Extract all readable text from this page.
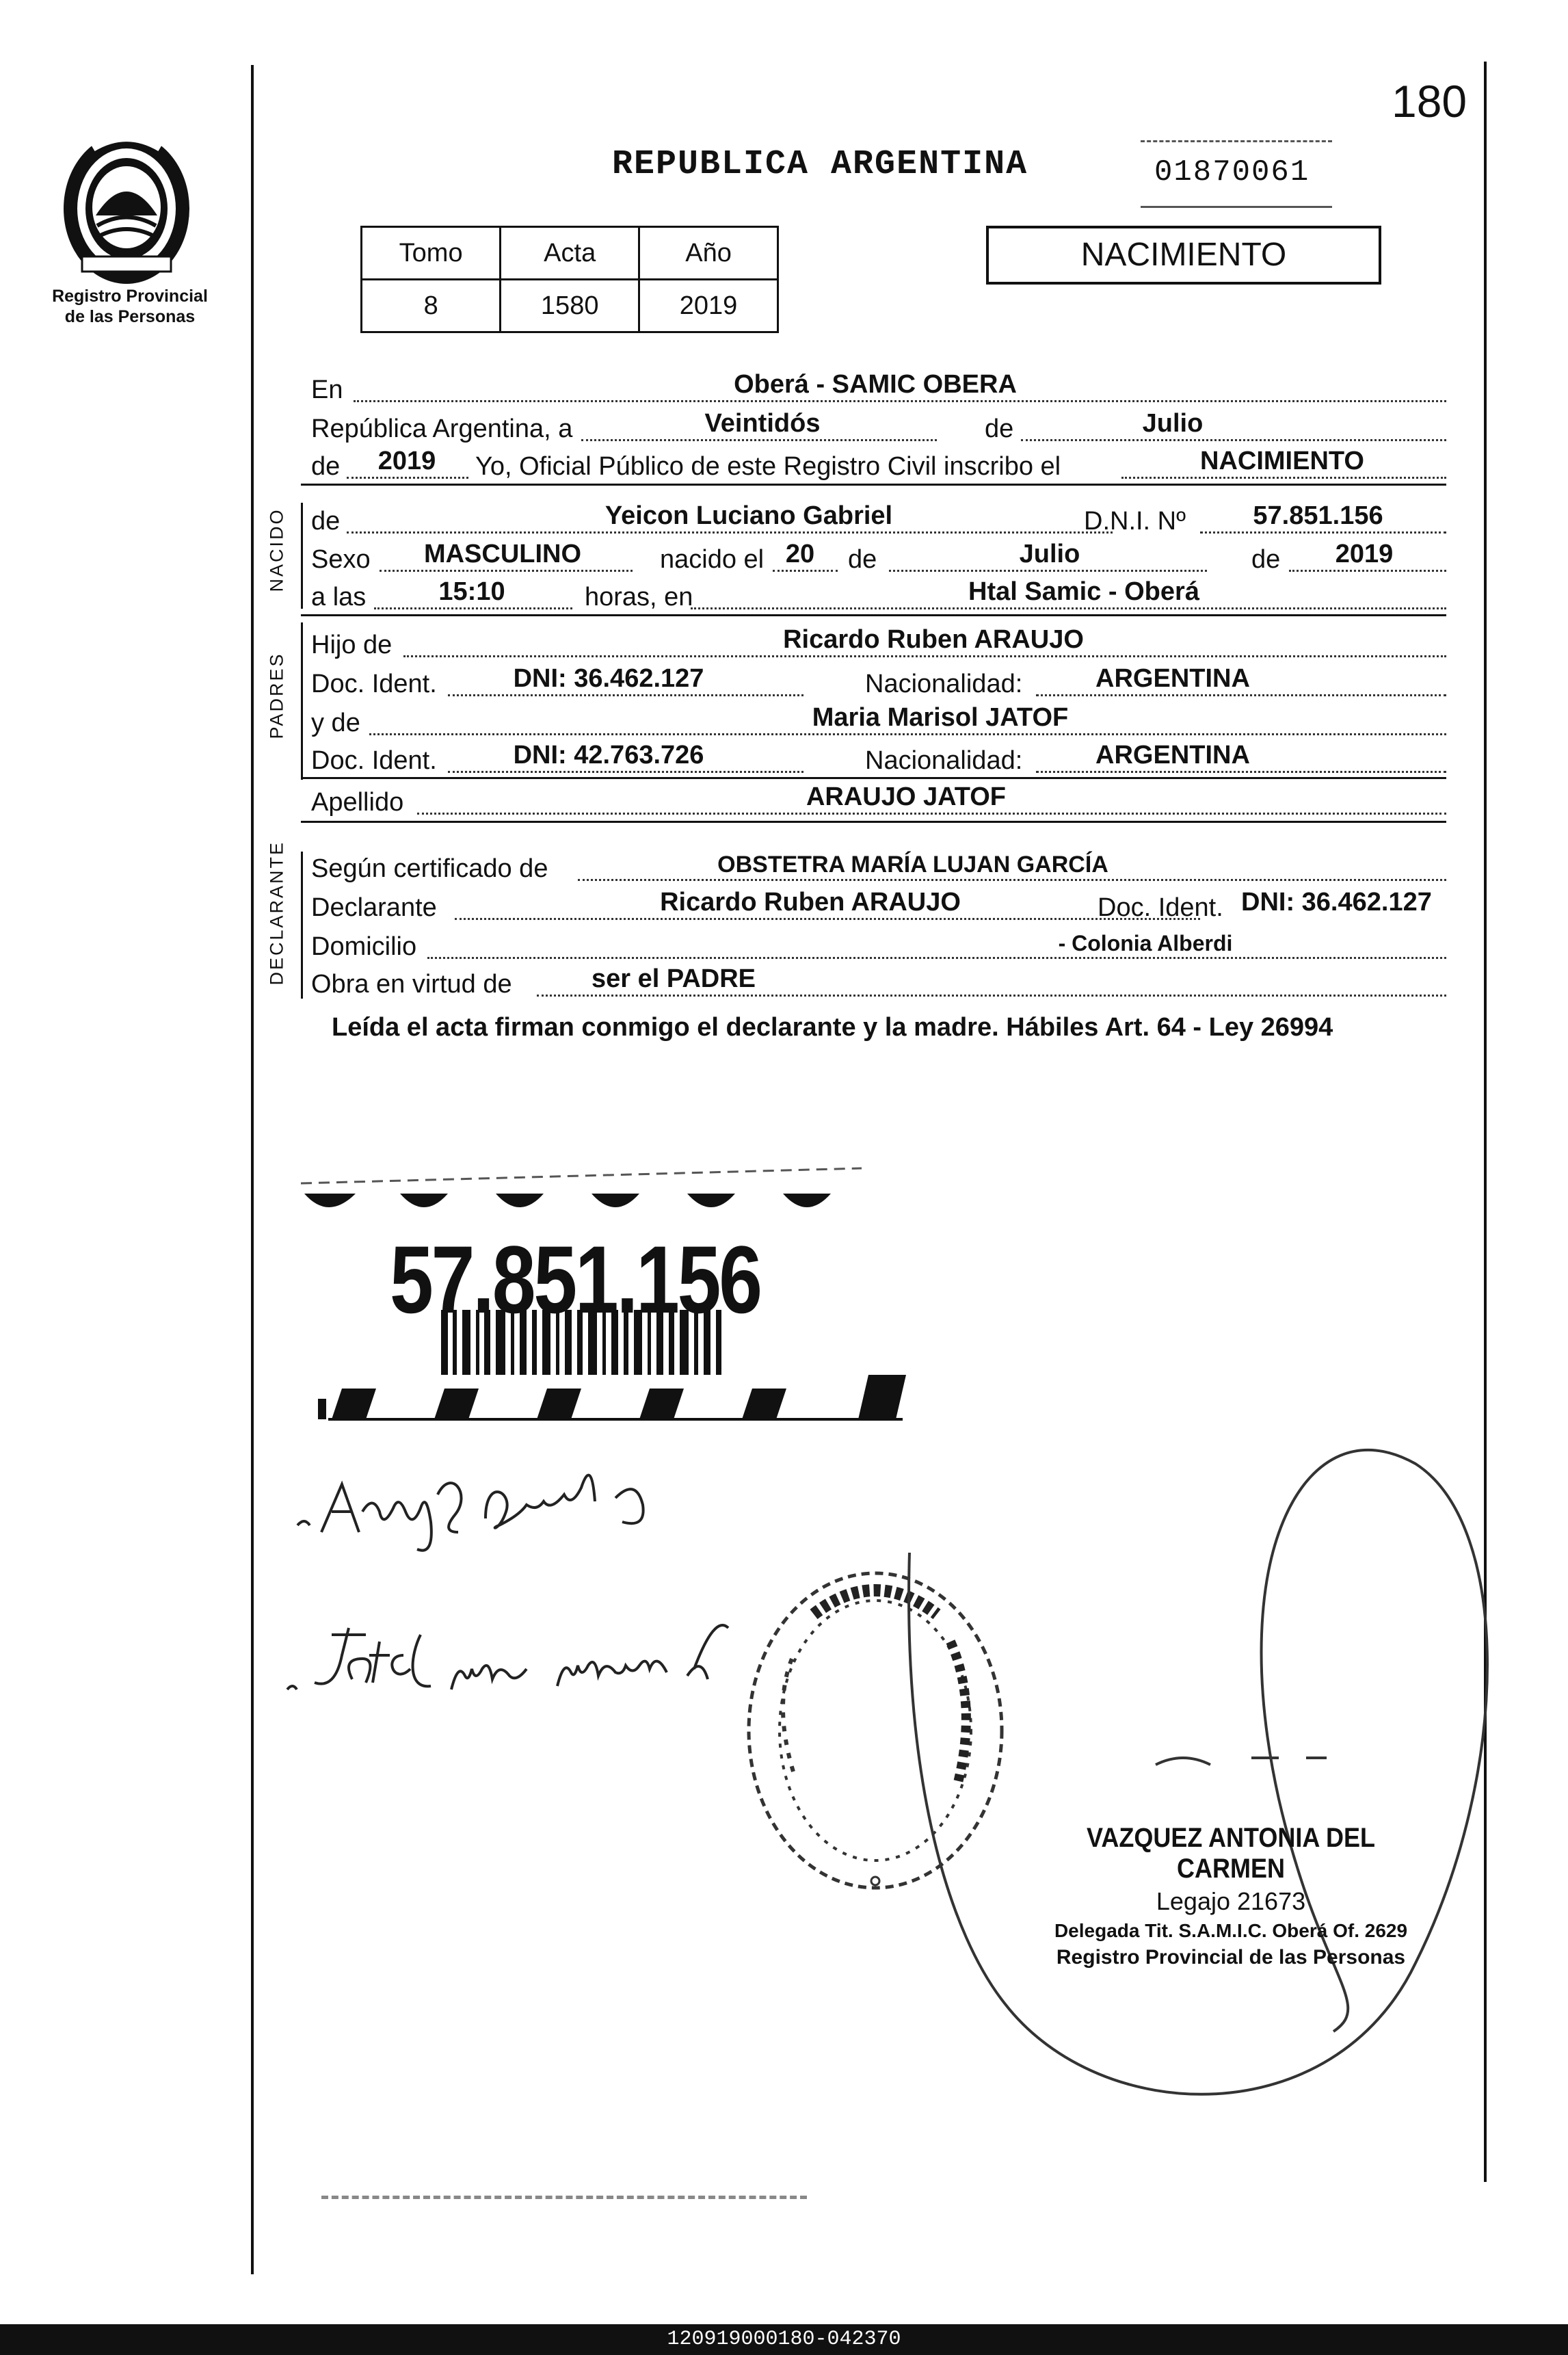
Registro Provincial
de las Personas
180
REPUBLICA ARGENTINA	01870061
Tomo	Acta	Año
8	1580	2019
NACIMIENTO
En	Oberá - SAMIC OBERA
República Argentina, a	Veintidós	de	Julio
de	2019	Yo, Oficial Público de este Registro Civil inscribo el	NACIMIENTO
NACIDO de	Yeicon Luciano Gabriel	D.N.I. Nº	57.851.156
Sexo	MASCULINO	nacido el 20	de	Julio	de	2019
a las	15:10	horas, en	Htal Samic - Oberá
PADRES
Hijo de	Ricardo Ruben ARAUJO
Doc. Ident.	DNI: 36.462.127	Nacionalidad:	ARGENTINA
y de	Maria Marisol JATOF
Doc. Ident.	DNI: 42.763.726	Nacionalidad:	ARGENTINA
Apellido	ARAUJO JATOF
DECLARANTE Según certificado de	OBSTETRA MARÍA LUJAN GARCÍA
Declarante	Ricardo Ruben ARAUJO	Doc. Ident. DNI: 36.462.127
Domicilio	- Colonia Alberdi
Obra en virtud de	ser el PADRE
Leída el acta firman conmigo el declarante y la madre. Hábiles Art. 64 - Ley 26994
57.851.156
VAZQUEZ ANTONIA DEL CARMEN
Legajo 21673
Delegada Tit. S.A.M.I.C. Oberá Of. 2629
Registro Provincial de las Personas
120919000180-042370
